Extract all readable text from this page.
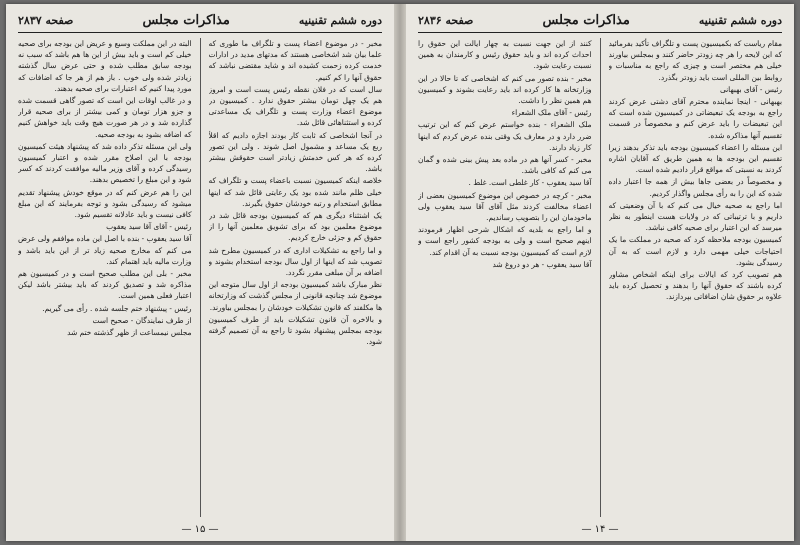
دوره ششم تقنینیه
مذاکرات مجلس
صفحه ۲۸۳۷

مخبر - در موضوع اعضاء پست و تلگراف ما طوری که علما بیان شد اشخاصی هستند که مدتهای مدید در ادارات خدمت کرده زحمت کشیده اند و شاید مقتضی نباشد که حقوق آنها را کم کنیم.

سال است که در فلان نقطه رئیس پست است و امروز هم یک چهل تومان بیشتر حقوق ندارد . کمیسیون در موضوع اعضاء وزارت پست و تلگراف یک مساعدتی کرده و استثناهائی قائل شد.

در آنجا اشخاصی که ثابت کار بودند اجازه دادیم که اقلاً ربع یک مساعد و مشمول اصل شوند . ولی این تصور کرده که هر کس خدمتش زیادتر است حقوقش بیشتر باشد.

خلاصه اینکه کمیسیون نسبت باعضاء پست و تلگراف که خیلی ظلم مانند شده بود یک رعایتی قائل شد که اینها مطابق استخدام و رتبه خودشان حقوق بگیرند.

یک اشتثناء دیگری هم که کمیسیون بودجه قائل شد در موضوع معلمین بود که برای تشویق معلمین آنها را از حقوق کم و جزئی خارج کردیم.

و اما راجع به تشکیلات اداری که در کمیسیون مطرح شد تصویب شد که اینها از اول سال بودجه استخدام بشوند و اضافه بر آن مبلغی مقرر نگردد.

نظر مبارک باشد کمیسیون بودجه از اول سال متوجه این موضوع شد چنانچه قانونی از مجلس گذشت که وزارتخانه ها مکلفند که قانون تشکیلات خودشان را بمجلس بیاورند.

و بالاخره آن قانون تشکیلات باید از طرف کمیسیون بودجه بمجلس پیشنهاد بشود تا راجع به آن تصمیم گرفته شود.

البته در این مملکت وسیع و عریض این بودجه برای صحیه خیلی کم است و باید بیش از این ها هم باشد که سبب نه بودجه سابق مطلب شده و حتی عرض سال گذشته زیادتر شده ولی خوب . باز هم از هر جا که اضافات که مورد پیدا کنیم که اعتبارات برای صحیه بدهند.

و در غالب اوقات این است که تصور گاهی قسمت شده و جزو هزار تومان و کمی بیشتر از برای صحیه قرار گذارده شد و در هر صورت هیچ وقت باید خواهش کنیم که اضافه بشود به بودجه صحیه.

ولی این مسئله تذکر داده شد که پیشنهاد هیئت کمیسیون بودجه با این اصلاح مقرر شده و اعتبار کمیسیون رسیدگی کرده و آقای وزیر مالیه موافقت کردند که کسر شود و این مبلغ را تخصیص بدهند.

این را هم عرض کنم که در موقع خودش پیشنهاد تقدیم میشود که رسیدگی بشود و توجه بفرمایند که این مبلغ کافی نیست و باید عادلانه تقسیم شود.

رئیس - آقای آقا سید یعقوب

آقا سید یعقوب - بنده با اصل این ماده موافقم ولی عرض می کنم که مخارج صحیه زیاد تر از این باید باشد و وزارت مالیه باید اهتمام کند.

مخبر - بلی این مطلب صحیح است و در کمیسیون هم مذاکره شد و تصدیق کردند که باید بیشتر باشد لیکن اعتبار فعلی همین است.

رئیس - پیشنهاد ختم جلسه شده . رأی می گیریم.

از طرف نمایندگان - صحیح است

مجلس نیمساعت از ظهر گذشته ختم شد

— ۱۵ —
دوره ششم تقنینیه
مذاکرات مجلس
صفحه ۲۸۳۶

مقام ریاست که بکمیسیون پست و تلگراف تأکید بفرمائید که این لایحه را هر چه زودتر حاضر کنند و بمجلس بیاورند خیلی هم مختصر است و چیزی که راجع به مناسبات و روابط بین المللی است باید زودتر بگذرد.

رئیس - آقای بهبهانی

بهبهانی - اینجا نماینده محترم آقای دشتی عرض کردند راجع به بودجه یک تبعیضاتی در کمیسیون شده است که این تبعیضات را باید عرض کنم و مخصوصاً در قسمت تقسیم آنها مذاکره شده.

این مسئله را اعضاء کمیسیون بودجه باید تذکر بدهند زیرا تقسیم این بودجه ها به همین طریق که آقایان اشاره کردند به نسبتی که مواقع قرار دادیم شده است.

و مخصوصاً در بعضی جاها بیش از همه جا اعتبار داده شده که این را به رأی مجلس واگذار کردیم.

اما راجع به صحیه خیال می کنم که با آن وضعیتی که داریم و با ترتیباتی که در ولایات هست اینطور به نظر میرسد که این اعتبار برای صحیه کافی نباشد.

کمیسیون بودجه ملاحظه کرد که صحیه در مملکت ما یک احتیاجات خیلی مهمی دارد و لازم است که به آن رسیدگی بشود.

هم تصویب کرد که ایالات برای اینکه اشخاص مشاور کرده باشند که حقوق آنها را بدهند و تحصیل کرده باید علاوه بر حقوق شان اضافاتی بپردازند.

کنند از این جهت نسبت به چهار ایالت این حقوق را احداث کرده اند و باید حقوق رئیس و کارمندان به همین نسبت رعایت شود.

مخبر - بنده تصور می کنم که اشخاصی که تا حالا در این وزارتخانه ها کار کرده اند باید رعایت بشوند و کمیسیون هم همین نظر را داشت.

رئیس - آقای ملک الشعراء

ملک الشعراء - بنده خواستم عرض کنم که این ترتیب ضرر دارد و در معارف یک وقتی بنده عرض کردم که اینها کار زیاد دارند.

مخبر - کسر آنها هم در ماده بعد پیش بینی شده و گمان می کنم که کافی باشد.

آقا سید یعقوب - کار غلطی است. غلط .

مخبر - کرچه در خصوص این موضوع کمیسیون بعضی از اعضاء مخالفت کردند مثل آقای آقا سید یعقوب ولی ماخودمان این را بتصویب رساندیم.

و اما راجع به بلدیه که اشکال شرحی اظهار فرمودند اینهم صحیح است و ولی به بودجه کشور راجع است و لازم است که کمیسیون بودجه نسبت به آن اقدام کند.

آقا سید یعقوب - هر دو دروغ شد

— ۱۴ —
